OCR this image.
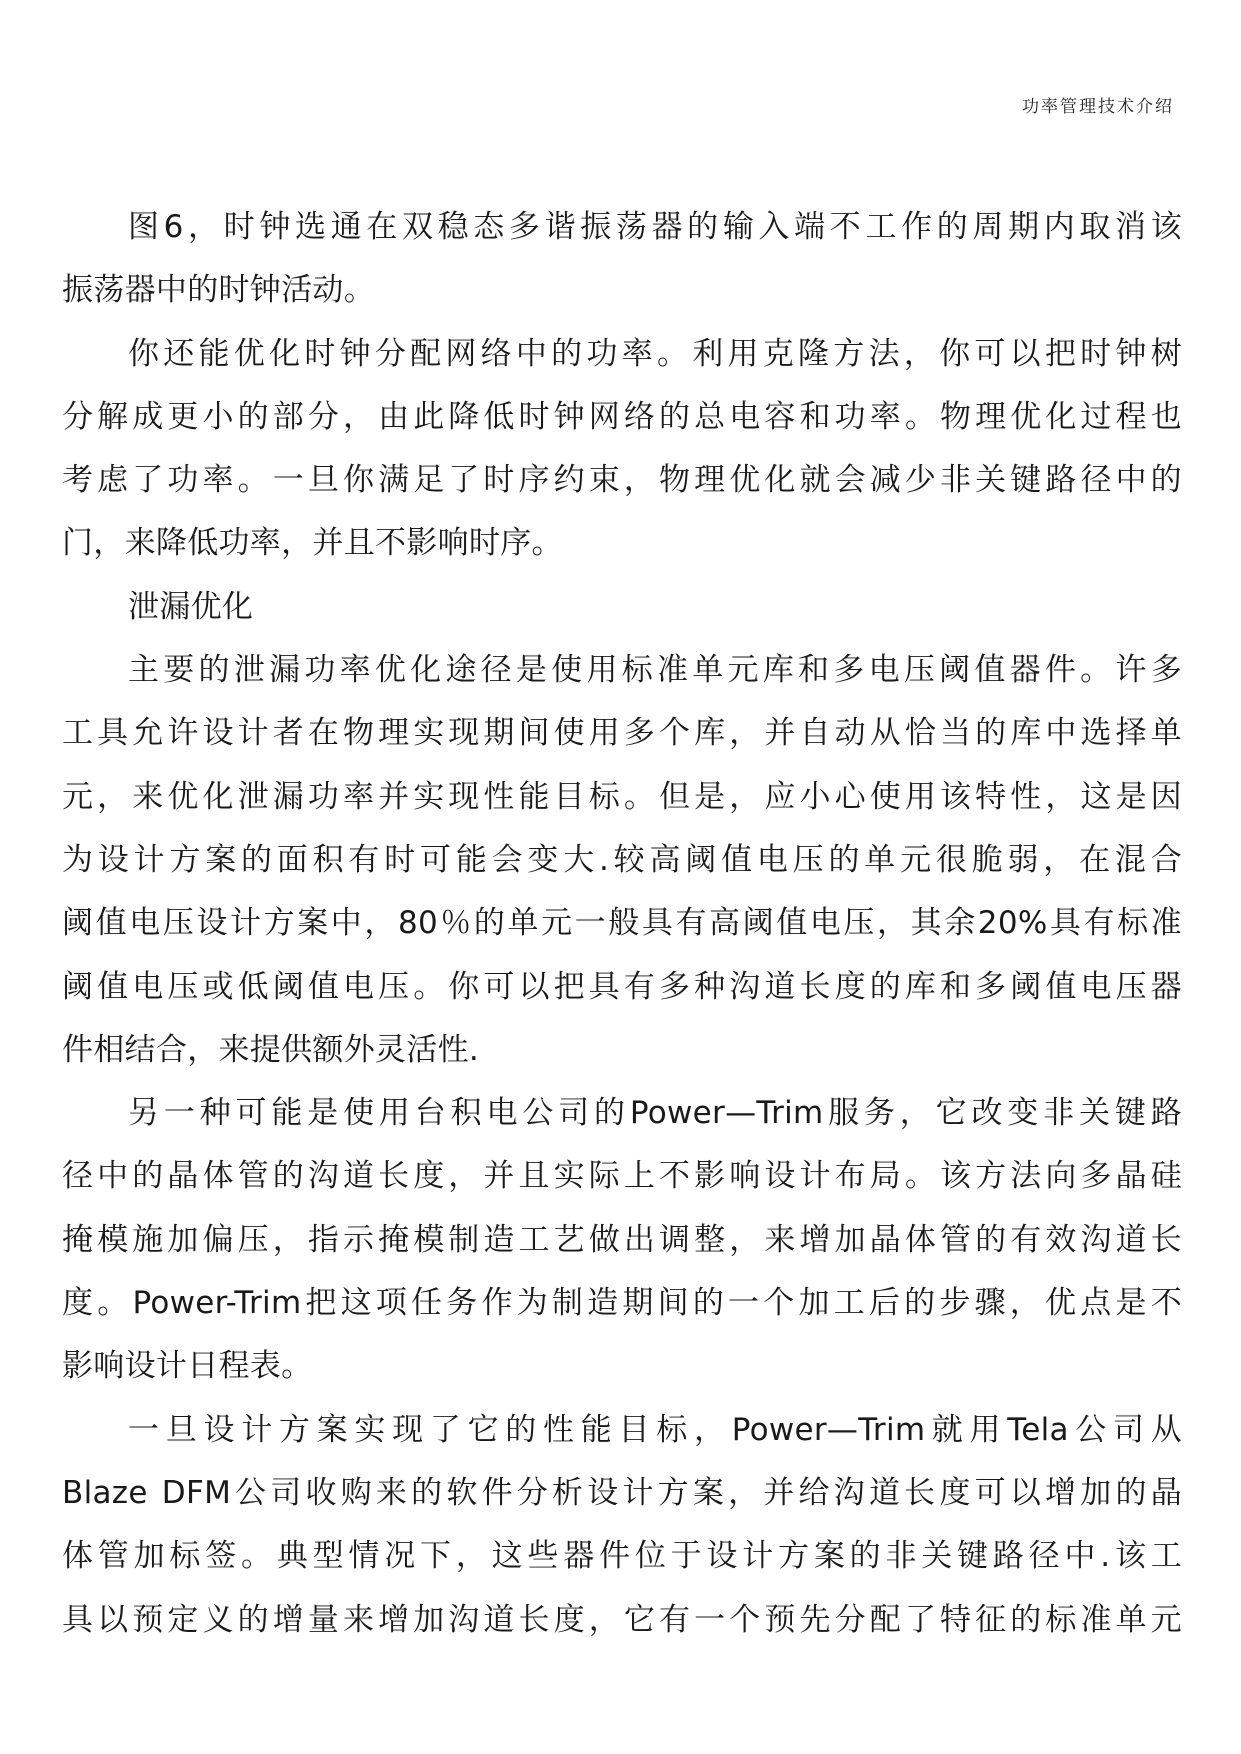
功率管理技术介绍
图6，时钟选通在双稳态多谐振荡器的输入端不工作的周期内取消该
振荡器中的时钟活动。
你还能优化时钟分配网络中的功率。利用克隆方法，你可以把时钟树
分解成更小的部分，由此降低时钟网络的总电容和功率。物理优化过程也
考虑了功率。一旦你满足了时序约束，物理优化就会减少非关键路径中的
门，来降低功率，并且不影响时序。
泄漏优化
主要的泄漏功率优化途径是使用标准单元库和多电压阈值器件。许多
工具允许设计者在物理实现期间使用多个库，并自动从恰当的库中选择单
元，来优化泄漏功率并实现性能目标。但是，应小心使用该特性，这是因
为设计方案的面积有时可能会变大.较高阈值电压的单元很脆弱，在混合
阈值电压设计方案中，80％的单元一般具有高阈值电压，其余20%具有标准
阈值电压或低阈值电压。你可以把具有多种沟道长度的库和多阈值电压器
件相结合，来提供额外灵活性.
另一种可能是使用台积电公司的Power—Trim服务，它改变非关键路
径中的晶体管的沟道长度，并且实际上不影响设计布局。该方法向多晶硅
掩模施加偏压，指示掩模制造工艺做出调整，来增加晶体管的有效沟道长
度。Power-Trim把这项任务作为制造期间的一个加工后的步骤，优点是不
影响设计日程表。
一旦设计方案实现了它的性能目标，Power—Trim就用Tela公司从
Blaze DFM公司收购来的软件分析设计方案，并给沟道长度可以增加的晶
体管加标签。典型情况下，这些器件位于设计方案的非关键路径中.该工
具以预定义的增量来增加沟道长度，它有一个预先分配了特征的标准单元
